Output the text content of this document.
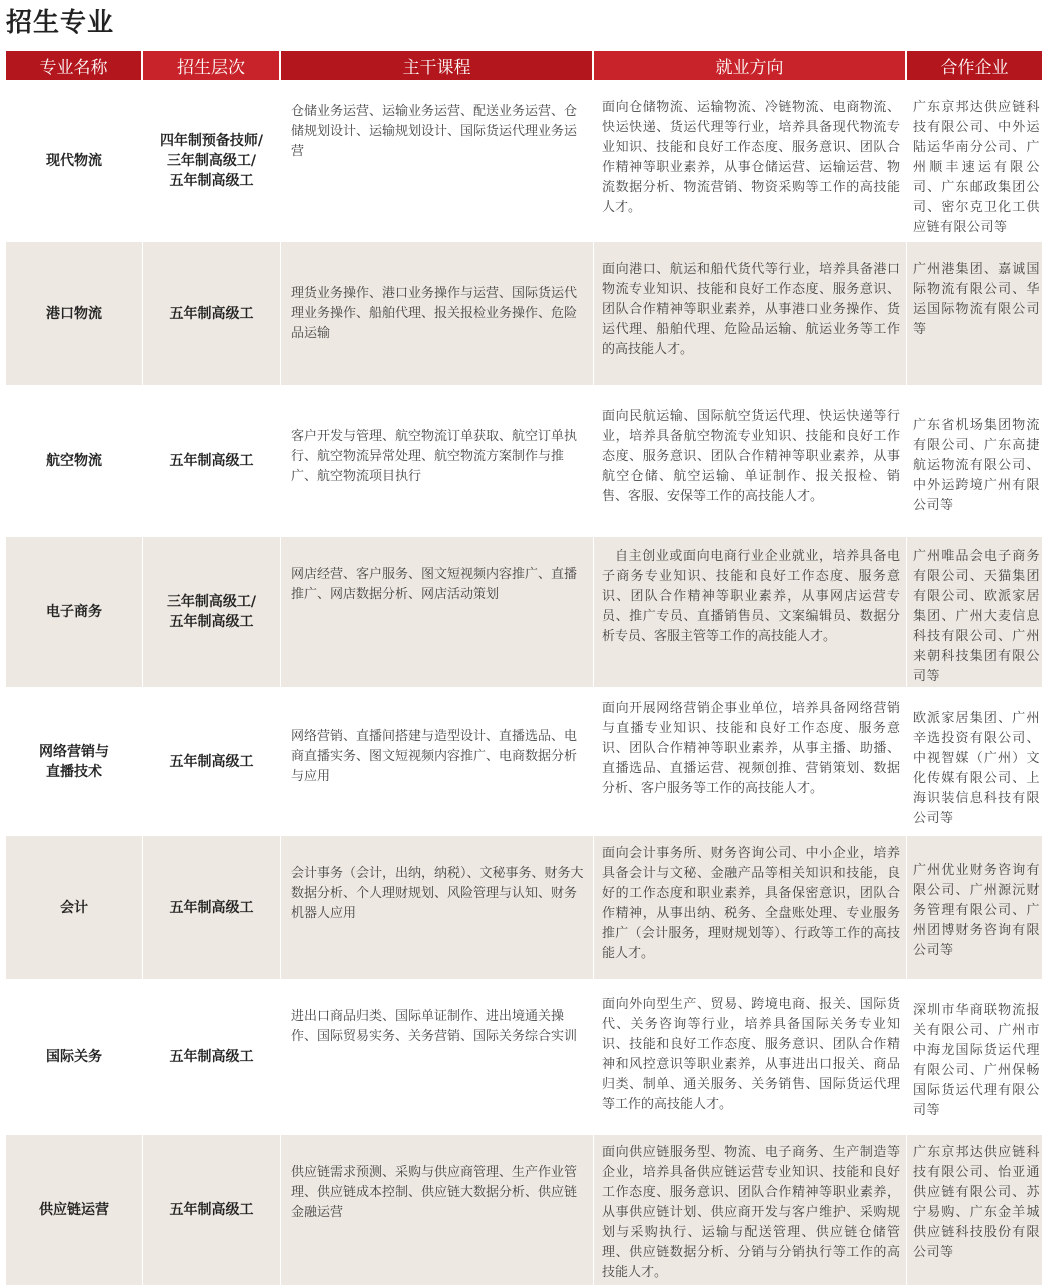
招生专业
专业名称	招生层次	主干课程	就业方向	合作企业
现代物流	四年制预备技师/
三年制高级工/
五年制高级工	仓储业务运营、运输业务运营、配送业务运营、仓储规划设计、运输规划设计、国际货运代理业务运营	面向仓储物流、运输物流、冷链物流、电商物流、快运快递、货运代理等行业，培养具备现代物流专业知识、技能和良好工作态度、服务意识、团队合作精神等职业素养，从事仓储运营、运输运营、物流数据分析、物流营销、物资采购等工作的高技能人才。	广东京邦达供应链科技有限公司、中外运陆运华南分公司、广州顺丰速运有限公司、广东邮政集团公司、密尔克卫化工供应链有限公司等
港口物流	五年制高级工	理货业务操作、港口业务操作与运营、国际货运代理业务操作、船舶代理、报关报检业务操作、危险品运输	面向港口、航运和船代货代等行业，培养具备港口物流专业知识、技能和良好工作态度、服务意识、团队合作精神等职业素养，从事港口业务操作、货运代理、船舶代理、危险品运输、航运业务等工作的高技能人才。	广州港集团、嘉诚国际物流有限公司、华运国际物流有限公司等
航空物流	五年制高级工	客户开发与管理、航空物流订单获取、航空订单执行、航空物流异常处理、航空物流方案制作与推广、航空物流项目执行	面向民航运输、国际航空货运代理、快运快递等行业，培养具备航空物流专业知识、技能和良好工作态度、服务意识、团队合作精神等职业素养，从事航空仓储、航空运输、单证制作、报关报检、销售、客服、安保等工作的高技能人才。	广东省机场集团物流有限公司、广东高捷航运物流有限公司、中外运跨境广州有限公司等
电子商务	三年制高级工/
五年制高级工	网店经营、客户服务、图文短视频内容推广、直播推广、网店数据分析、网店活动策划	自主创业或面向电商行业企业就业，培养具备电子商务专业知识、技能和良好工作态度、服务意识、团队合作精神等职业素养，从事网店运营专员、推广专员、直播销售员、文案编辑员、数据分析专员、客服主管等工作的高技能人才。	广州唯品会电子商务有限公司、天猫集团有限公司、欧派家居集团、广州大麦信息科技有限公司、广州来朝科技集团有限公司等
网络营销与
直播技术	五年制高级工	网络营销、直播间搭建与造型设计、直播选品、电商直播实务、图文短视频内容推广、电商数据分析与应用	面向开展网络营销企事业单位，培养具备网络营销与直播专业知识、技能和良好工作态度、服务意识、团队合作精神等职业素养，从事主播、助播、直播选品、直播运营、视频创推、营销策划、数据分析、客户服务等工作的高技能人才。	欧派家居集团、广州辛选投资有限公司、中视智媒（广州）文化传媒有限公司、上海识装信息科技有限公司等
会计	五年制高级工	会计事务（会计，出纳，纳税）、文秘事务、财务大数据分析、个人理财规划、风险管理与认知、财务机器人应用	面向会计事务所、财务咨询公司、中小企业，培养具备会计与文秘、金融产品等相关知识和技能，良好的工作态度和职业素养，具备保密意识，团队合作精神，从事出纳、税务、全盘账处理、专业服务推广（会计服务，理财规划等）、行政等工作的高技能人才。	广州优业财务咨询有限公司、广州源沅财务管理有限公司、广州团博财务咨询有限公司等
国际关务	五年制高级工	进出口商品归类、国际单证制作、进出境通关操作、国际贸易实务、关务营销、国际关务综合实训	面向外向型生产、贸易、跨境电商、报关、国际货代、关务咨询等行业，培养具备国际关务专业知识、技能和良好工作态度、服务意识、团队合作精神和风控意识等职业素养，从事进出口报关、商品归类、制单、通关服务、关务销售、国际货运代理等工作的高技能人才。	深圳市华商联物流报关有限公司、广州市中海龙国际货运代理有限公司、广州保畅国际货运代理有限公司等
供应链运营	五年制高级工	供应链需求预测、采购与供应商管理、生产作业管理、供应链成本控制、供应链大数据分析、供应链金融运营	面向供应链服务型、物流、电子商务、生产制造等企业，培养具备供应链运营专业知识、技能和良好工作态度、服务意识、团队合作精神等职业素养，从事供应链计划、供应商开发与客户维护、采购规划与采购执行、运输与配送管理、供应链仓储管理、供应链数据分析、分销与分销执行等工作的高技能人才。	广东京邦达供应链科技有限公司、怡亚通供应链有限公司、苏宁易购、广东金羊城供应链科技股份有限公司等
